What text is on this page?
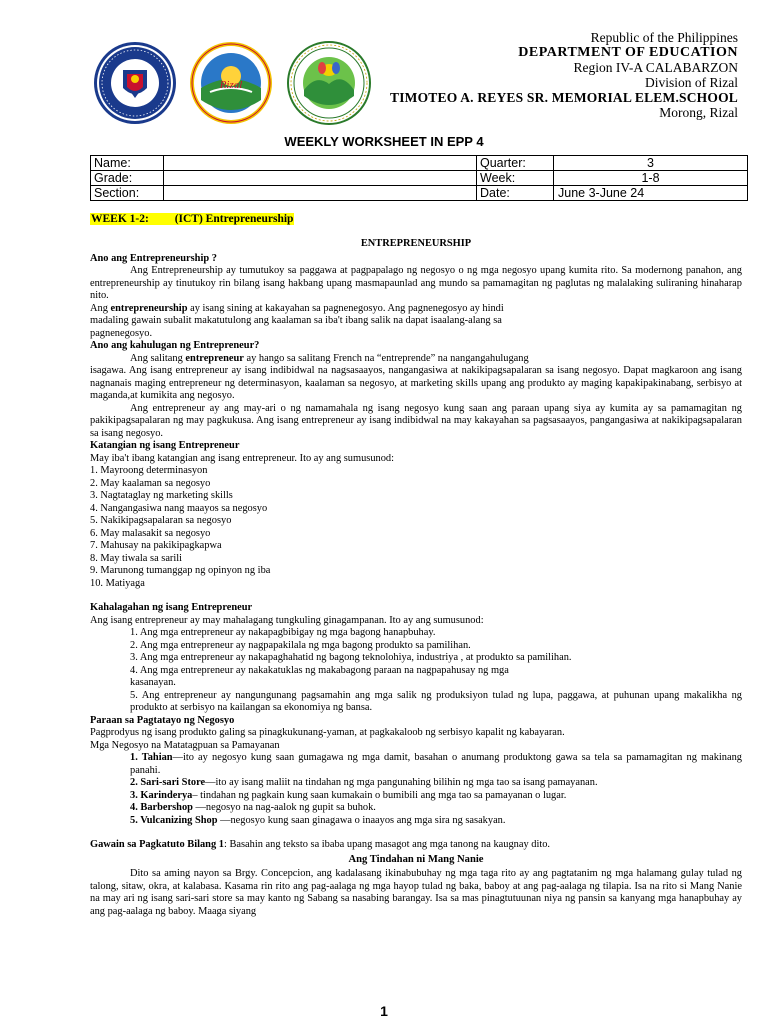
Rizal
Republic of the Philippines
DEPARTMENT OF EDUCATION
Region IV-A CALABARZON
Division of Rizal
TIMOTEO A. REYES SR. MEMORIAL ELEM.SCHOOL
Morong, Rizal
WEEKLY WORKSHEET IN EPP 4
Name:		Quarter:	3
Grade:		Week:	1-8
Section:		Date:	June 3-June 24
WEEK 1-2:         (ICT) Entrepreneurship

ENTREPRENEURSHIP

Ano ang Entrepreneurship ?

Ang Entrepreneurship ay tumutukoy sa paggawa at pagpapalago ng negosyo o ng mga negosyo upang kumita rito. Sa modernong panahon, ang entrepreneurship ay tinutukoy rin bilang isang hakbang upang masmapaunlad ang mundo sa pamamagitan ng paglutas ng malalaking suliraning hinaharap nito.

Ang entrepreneurship ay isang sining at kakayahan sa pagnenegosyo. Ang pagnenegosyo ay hindi

madaling gawain subalit makatutulong ang kaalaman sa iba't ibang salik na dapat isaalang-alang sa

pagnenegosyo.

Ano ang kahulugan ng Entrepreneur?

Ang salitang entrepreneur ay hango sa salitang French na “entreprende” na nangangahulugang

isagawa. Ang isang entrepreneur ay isang indibidwal na nagsasaayos, nangangasiwa at nakikipagsapalaran sa isang negosyo. Dapat magkaroon ang isang nagnanais maging entrepreneur ng determinasyon, kaalaman sa negosyo, at marketing skills upang ang produkto ay maging kapakipakinabang, serbisyo at maganda,at kumikita ang negosyo.

Ang entrepreneur ay ang may-ari o ng namamahala ng isang negosyo kung saan ang paraan upang siya ay kumita ay sa pamamagitan ng pakikipagsapalaran ng may pagkukusa. Ang isang entrepreneur ay isang indibidwal na may kakayahan sa pagsasaayos, pangangasiwa at nakikipagsapalaran sa isang negosyo.

Katangian ng isang Entrepreneur

May iba't ibang katangian ang isang entrepreneur. Ito ay ang sumusunod:

1. Mayroong determinasyon

2. May kaalaman sa negosyo

3. Nagtataglay ng marketing skills

4. Nangangasiwa nang maayos sa negosyo

5. Nakikipagsapalaran sa negosyo

6. May malasakit sa negosyo

7. Mahusay na pakikipagkapwa

8. May tiwala sa sarili

9. Marunong tumanggap ng opinyon ng iba

10. Matiyaga

Kahalagahan ng isang Entrepreneur

Ang isang entrepreneur ay may mahalagang tungkuling ginagampanan. Ito ay ang sumusunod:

1. Ang mga entrepreneur ay nakapagbibigay ng mga bagong hanapbuhay.

2. Ang mga entrepreneur ay nagpapakilala ng mga bagong produkto sa pamilihan.

3. Ang mga entrepreneur ay nakapaghahatid ng bagong teknolohiya, industriya , at produkto sa pamilihan.

4. Ang mga entrepreneur ay nakakatuklas ng makabagong paraan na nagpapahusay ng mga

kasanayan.

5. Ang entrepreneur ay nangungunang pagsamahin ang mga salik ng produksiyon tulad ng lupa, paggawa, at puhunan upang makalikha ng produkto at serbisyo na kailangan sa ekonomiya ng bansa.

Paraan sa Pagtatayo ng Negosyo

Pagprodyus ng isang produkto galing sa pinagkukunang-yaman, at pagkakaloob ng serbisyo kapalit ng kabayaran.

Mga Negosyo na Matatagpuan sa Pamayanan

1. Tahian—ito ay negosyo kung saan gumagawa ng mga damit, basahan o anumang produktong gawa sa tela sa pamamagitan ng makinang panahi.

2. Sari-sari Store—ito ay isang maliit na tindahan ng mga pangunahing bilihin ng mga tao sa isang pamayanan.

3. Karinderya– tindahan ng pagkain kung saan kumakain o bumibili ang mga tao sa pamayanan o lugar.

4. Barbershop —negosyo na nag-aalok ng gupit sa buhok.

5. Vulcanizing Shop —negosyo kung saan ginagawa o inaayos ang mga sira ng sasakyan.

Gawain sa Pagkatuto Bilang 1: Basahin ang teksto sa ibaba upang masagot ang mga tanong na kaugnay dito.

Ang Tindahan ni Mang Nanie

Dito sa aming nayon sa Brgy. Concepcion, ang kadalasang ikinabubuhay ng mga taga rito ay ang pagtatanim ng mga halamang gulay tulad ng talong, sitaw, okra, at kalabasa. Kasama rin rito ang pag-aalaga ng mga hayop tulad ng baka, baboy at ang pag-aalaga ng tilapia. Isa na rito si Mang Nanie na may ari ng isang sari-sari store sa may kanto ng Sabang sa nasabing barangay. Isa sa mas pinagtutuunan niya ng pansin sa kanyang mga hanapbuhay ay ang pag-aalaga ng baboy. Maaga siyang

1
